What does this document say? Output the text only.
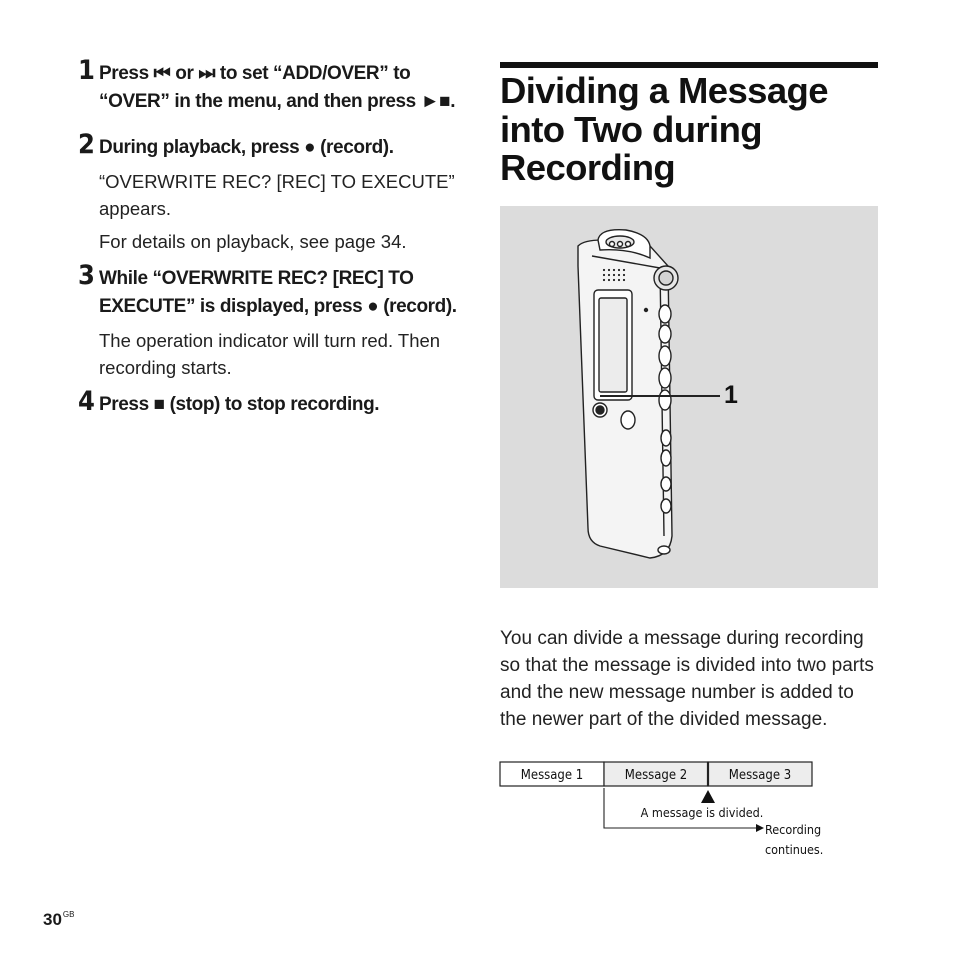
1 Press ⏮ or ⏭ to set “ADD/OVER” to “OVER” in the menu, and then press ►■.
2 During playback, press ● (record).

“OVERWRITE REC? [REC] TO EXECUTE” appears.

For details on playback, see page 34.

3 While “OVERWRITE REC? [REC] TO EXECUTE” is displayed, press ● (record).

The operation indicator will turn red. Then recording starts.

4 Press ■ (stop) to stop recording.
Dividing a Message into Two during Recording
1

You can divide a message during recording so that the message is divided into two parts and the new message number is added to the newer part of the divided message.

Message 1	Message 2	Message 3
A message is divided.
Recording
continues.
$30^{GB}$
